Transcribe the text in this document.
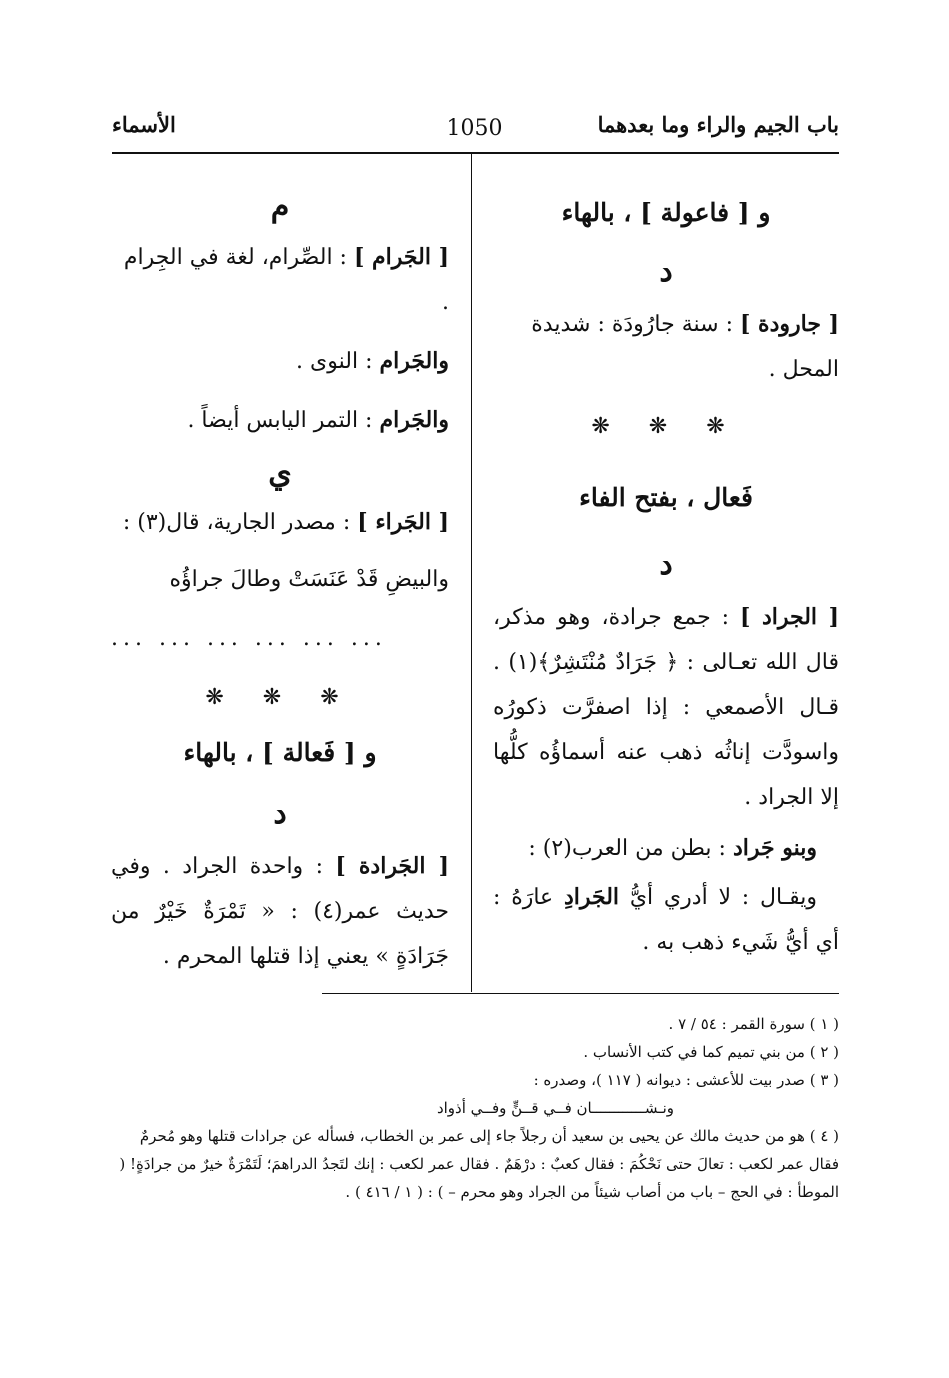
باب الجيم والراء وما بعدهما
1050
الأسماء

و [ فاعولة ] ، بالهاء

د

[ جارودة ] : سنة جارُودَة : شديدة المحل .

❋ ❋ ❋

فَعال ، بفتح الفاء

د

[ الجراد ] : جمع جرادة، وهو مذكر، قال الله تعـالى : ﴿ جَرَادٌ مُنْتَشِرٌ﴾(١) . قـال الأصمعي : إذا اصفرَّت ذكورُه واسودَّت إناثُه ذهب عنه أسماؤُه كلُّها إلا الجراد .

وبنو جَراد : بطن من العرب(٢) :

ويقـال : لا أدري أيُّ الجَرادِ عارَهُ : أي أيُّ شَيء ذهب به .

م

[ الجَرام ] : الصِّرام، لغة في الجِرام .

والجَرام : النوى .

والجَرام : التمر اليابس أيضاً .

ي

[ الجَراء ] : مصدر الجارية، قال(٣) :

والبيضِ قَدْ عَنَسَتْ وطالَ جراؤُه

... ... ... ... ... ...

❋ ❋ ❋

و [ فَعالة ] ، بالهاء

د

[ الجَرادة ] : واحدة الجراد . وفي حديث عمر(٤) : « تَمْرَةٌ خَيْرٌ من جَرَادَةٍ » يعني إذا قتلها المحرم .

( ١ ) سورة القمر : ٥٤ / ٧ .

( ٢ ) من بني تميم كما في كتب الأنساب .

( ٣ ) صدر بيت للأعشى : ديوانه ( ١١٧ )، وصدره :

ونـشــــــــــــان فــي قــنٍّ وفــي أذواد

( ٤ ) هو من حديث مالك عن يحيى بن سعيد أن رجلاً جاء إلى عمر بن الخطاب، فسأله عن جرادات قتلها وهو مُحرمٌ فقال عمر لكعب : تعالَ حتى نَحْكُمَ : فقال كعبٌ : درْهَمٌ . فقال عمر لكعب : إنك لتَجدُ الدراهمَ؛ لَتَمْرَةٌ خيرٌ من جرادَةٍ! ( الموطأ : في الحج – باب من أصاب شيئاً من الجراد وهو محرم – ) : ( ١ / ٤١٦ ) .
